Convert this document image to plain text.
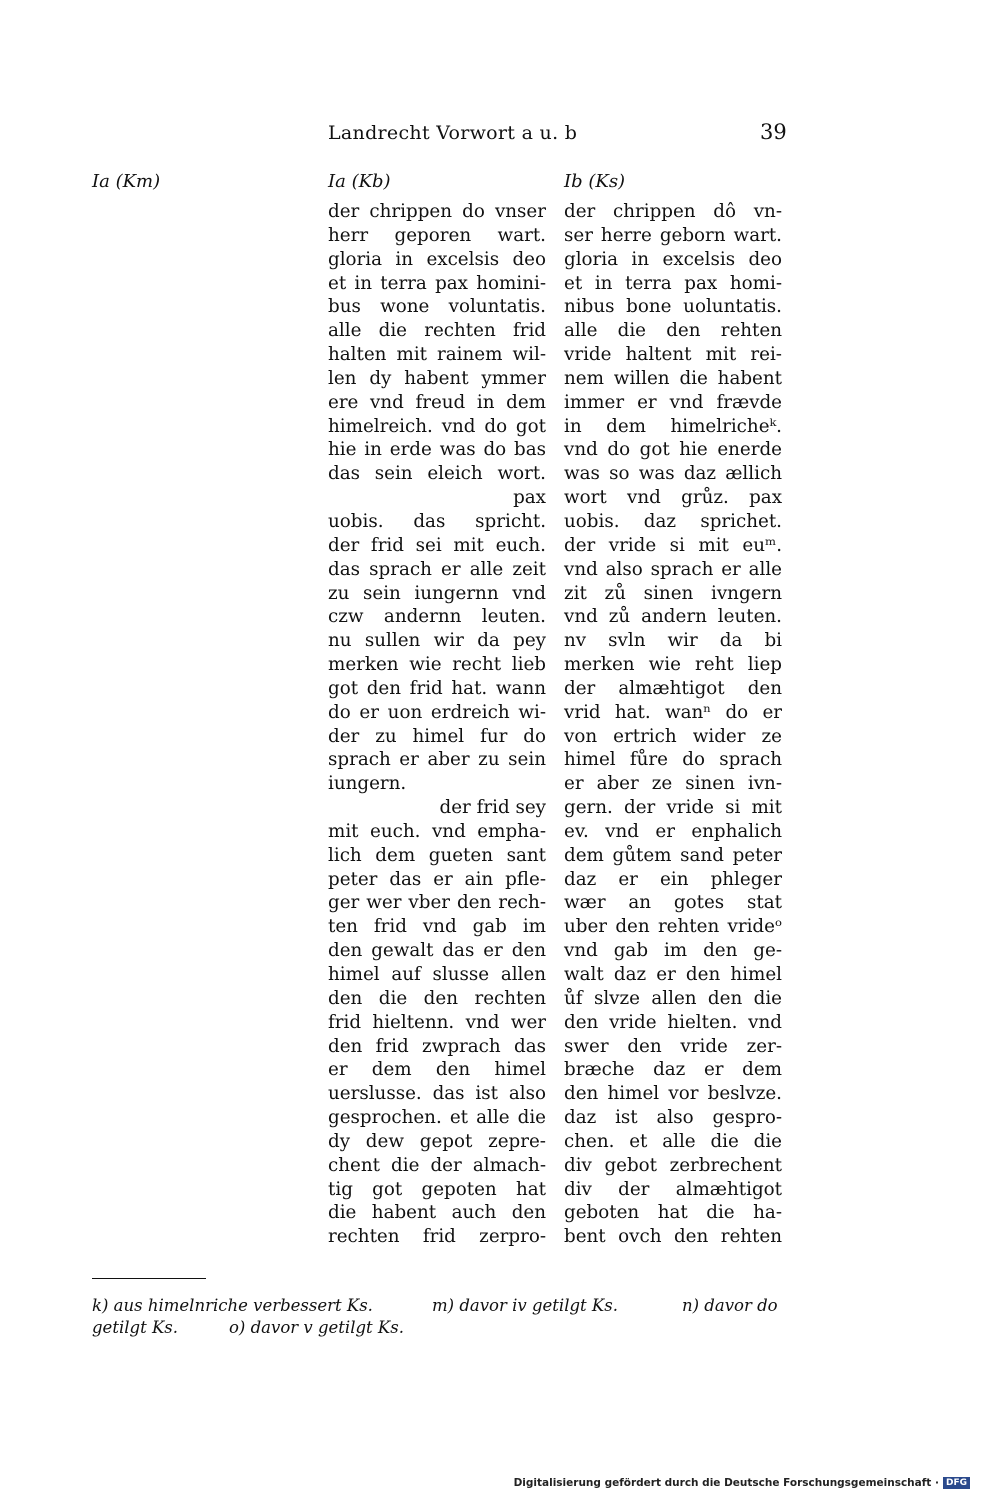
Landrecht Vorwort a u. b	39
Ia (Km)	Ia (Kb)	Ib (Ks)
der chrippen do vnser
herr geporen wart.
gloria in excelsis deo
et in terra pax homini-
bus wone voluntatis.
alle die rechten frid
halten mit rainem wil-
len dy habent ymmer
ere vnd freud in dem
himelreich. vnd do got
hie in erde was do bas
das sein eleich wort.
pax
uobis. das spricht.
der frid sei mit euch.
das sprach er alle zeit
zu sein iungernn vnd
czw andernn leuten.
nu sullen wir da pey
merken wie recht lieb
got den frid hat. wann
do er uon erdreich wi-
der zu himel fur do
sprach er aber zu sein
iungern.
der frid sey
mit euch. vnd empha-
lich dem gueten sant
peter das er ain pfle-
ger wer vber den rech-
ten frid vnd gab im
den gewalt das er den
himel auf slusse allen
den die den rechten
frid hieltenn. vnd wer
den frid zwprach das
er dem den himel
uerslusse. das ist also
gesprochen. et alle die
dy dew gepot zepre-
chent die der almach-
tig got gepoten hat
die habent auch den
rechten frid zerpro-
der chrippen dô vn-
ser herre geborn wart.
gloria in excelsis deo
et in terra pax homi-
nibus bone uoluntatis.
alle die den rehten
vride haltent mit rei-
nem willen die habent
immer er vnd frævde
in dem himelricheᵏ.
vnd do got hie enerde
was so was daz ællich
wort vnd grůz. pax
uobis. daz sprichet.
der vride si mit euᵐ.
vnd also sprach er alle
zit zů sinen ivngern
vnd zů andern leuten.
nv svln wir da bi
merken wie reht liep
der almæhtigot den
vrid hat. wanⁿ do er
von ertrich wider ze
himel fůre do sprach
er aber ze sinen ivn-
gern. der vride si mit
ev. vnd er enphalich
dem gůtem sand peter
daz er ein phleger
wær an gotes stat
uber den rehten vrideᵒ
vnd gab im den ge-
walt daz er den himel
ůf slvze allen den die
den vride hielten. vnd
swer den vride zer-
bræche daz er dem
den himel vor beslvze.
daz ist also gespro-
chen. et alle die die
div gebot zerbrechent
div der almæhtigot
geboten hat die ha-
bent ovch den rehten
k) aus himelnriche verbessert Ks.	m) davor iv getilgt Ks.	n) davor do
getilgt Ks.	o) davor v getilgt Ks.
Digitalisierung gefördert durch die Deutsche Forschungsgemeinschaft · DFG
